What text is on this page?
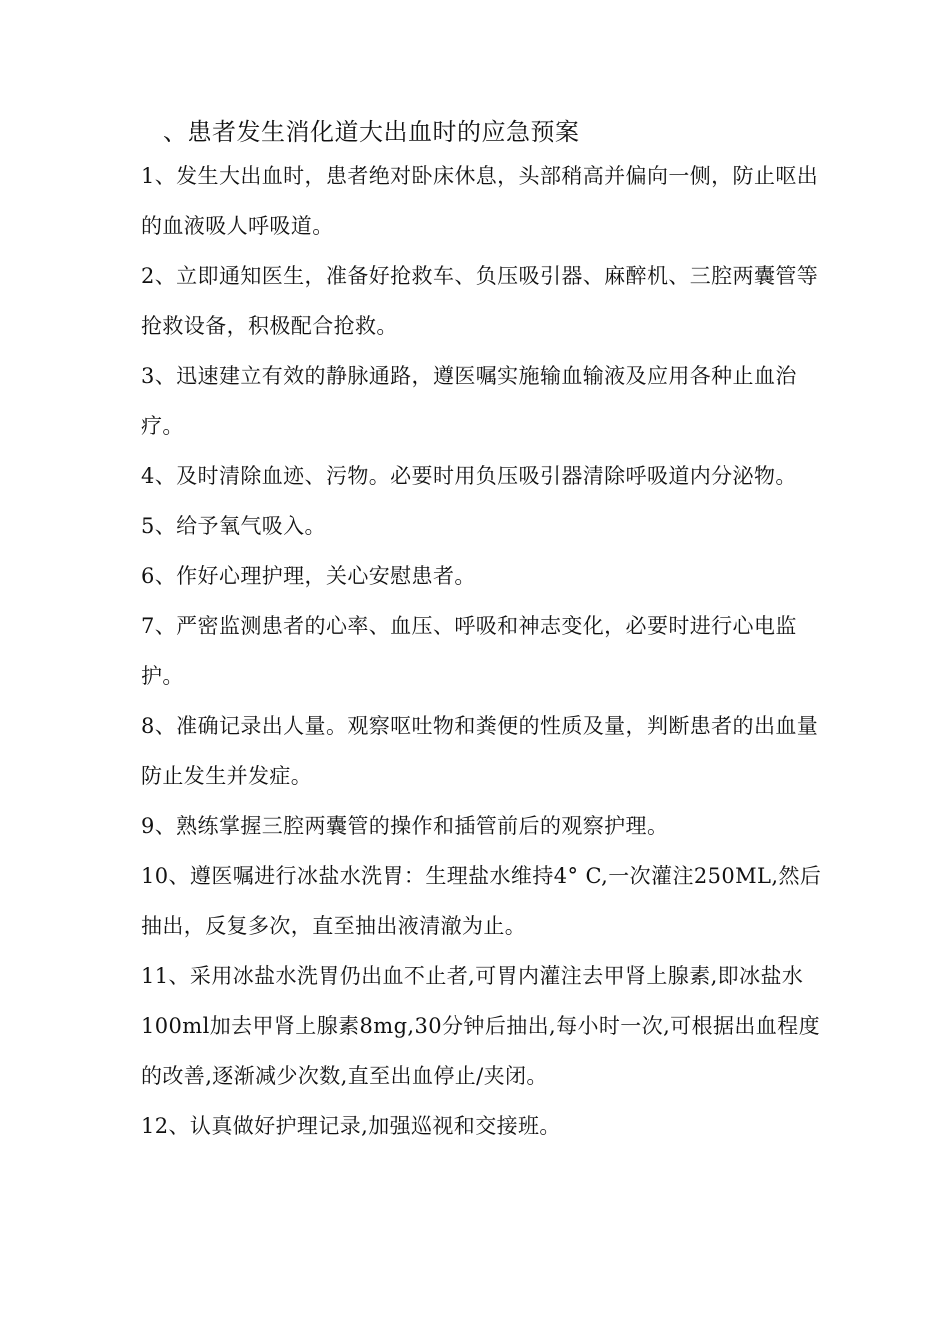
、患者发生消化道大出血时的应急预案
1、发生大出血时，患者绝对卧床休息，头部稍高并偏向一侧，防止呕出的血液吸人呼吸道。
2、立即通知医生，准备好抢救车、负压吸引器、麻醉机、三腔两囊管等抢救设备，积极配合抢救。
3、迅速建立有效的静脉通路，遵医嘱实施输血输液及应用各种止血治疗。
4、及时清除血迹、污物。必要时用负压吸引器清除呼吸道内分泌物。
5、给予氧气吸入。
6、作好心理护理，关心安慰患者。
7、严密监测患者的心率、血压、呼吸和神志变化，必要时进行心电监护。
8、准确记录出人量。观察呕吐物和粪便的性质及量，判断患者的出血量防止发生并发症。
9、熟练掌握三腔两囊管的操作和插管前后的观察护理。
10、遵医嘱进行冰盐水洗胃：生理盐水维持4° C,一次灌注250ML,然后抽出，反复多次，直至抽出液清澈为止。
11、采用冰盐水洗胃仍出血不止者,可胃内灌注去甲肾上腺素,即冰盐水100ml加去甲肾上腺素8mg,30分钟后抽出,每小时一次,可根据出血程度的改善,逐渐减少次数,直至出血停止/夹闭。
12、认真做好护理记录,加强巡视和交接班。
